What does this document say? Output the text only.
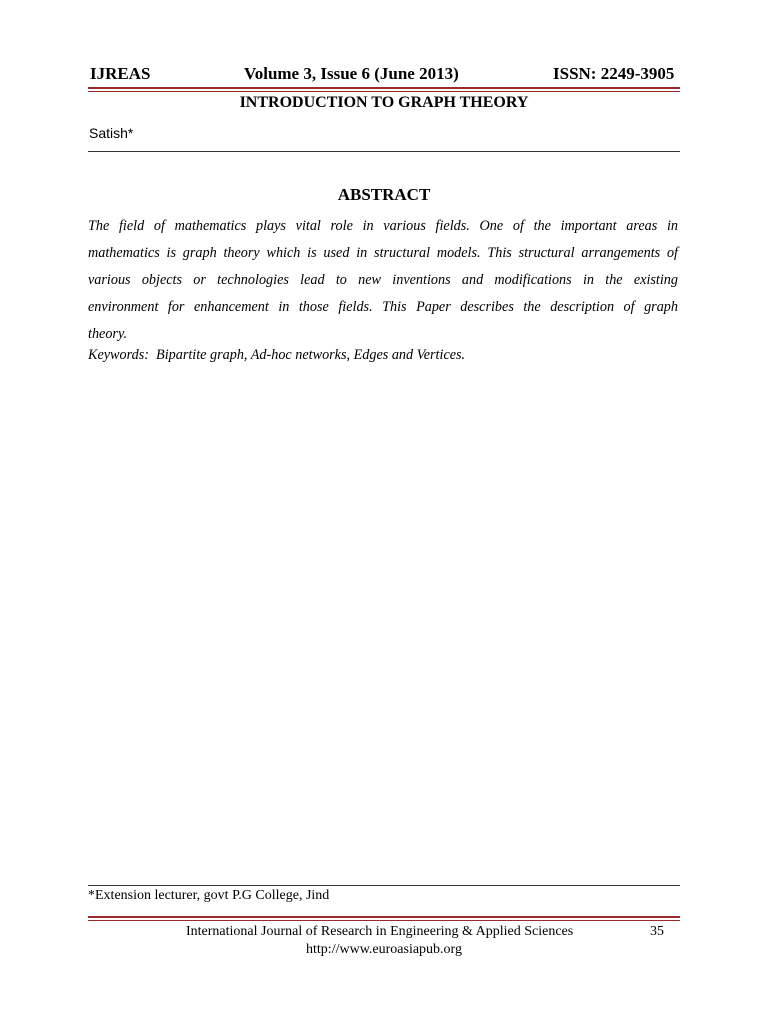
IJREAS	Volume 3, Issue 6 (June 2013)	ISSN: 2249-3905
INTRODUCTION TO GRAPH THEORY
Satish*
ABSTRACT
The field of mathematics plays vital role in various fields. One of the important areas in
mathematics is graph theory which is used in structural models. This structural arrangements of
various objects or technologies lead to new inventions and modifications in the existing
environment for enhancement in those fields. This Paper describes the description of graph
theory.
Keywords:  Bipartite graph, Ad-hoc networks, Edges and Vertices.
*Extension lecturer, govt P.G College, Jind
International Journal of Research in Engineering & Applied Sciences	35
http://www.euroasiapub.org
